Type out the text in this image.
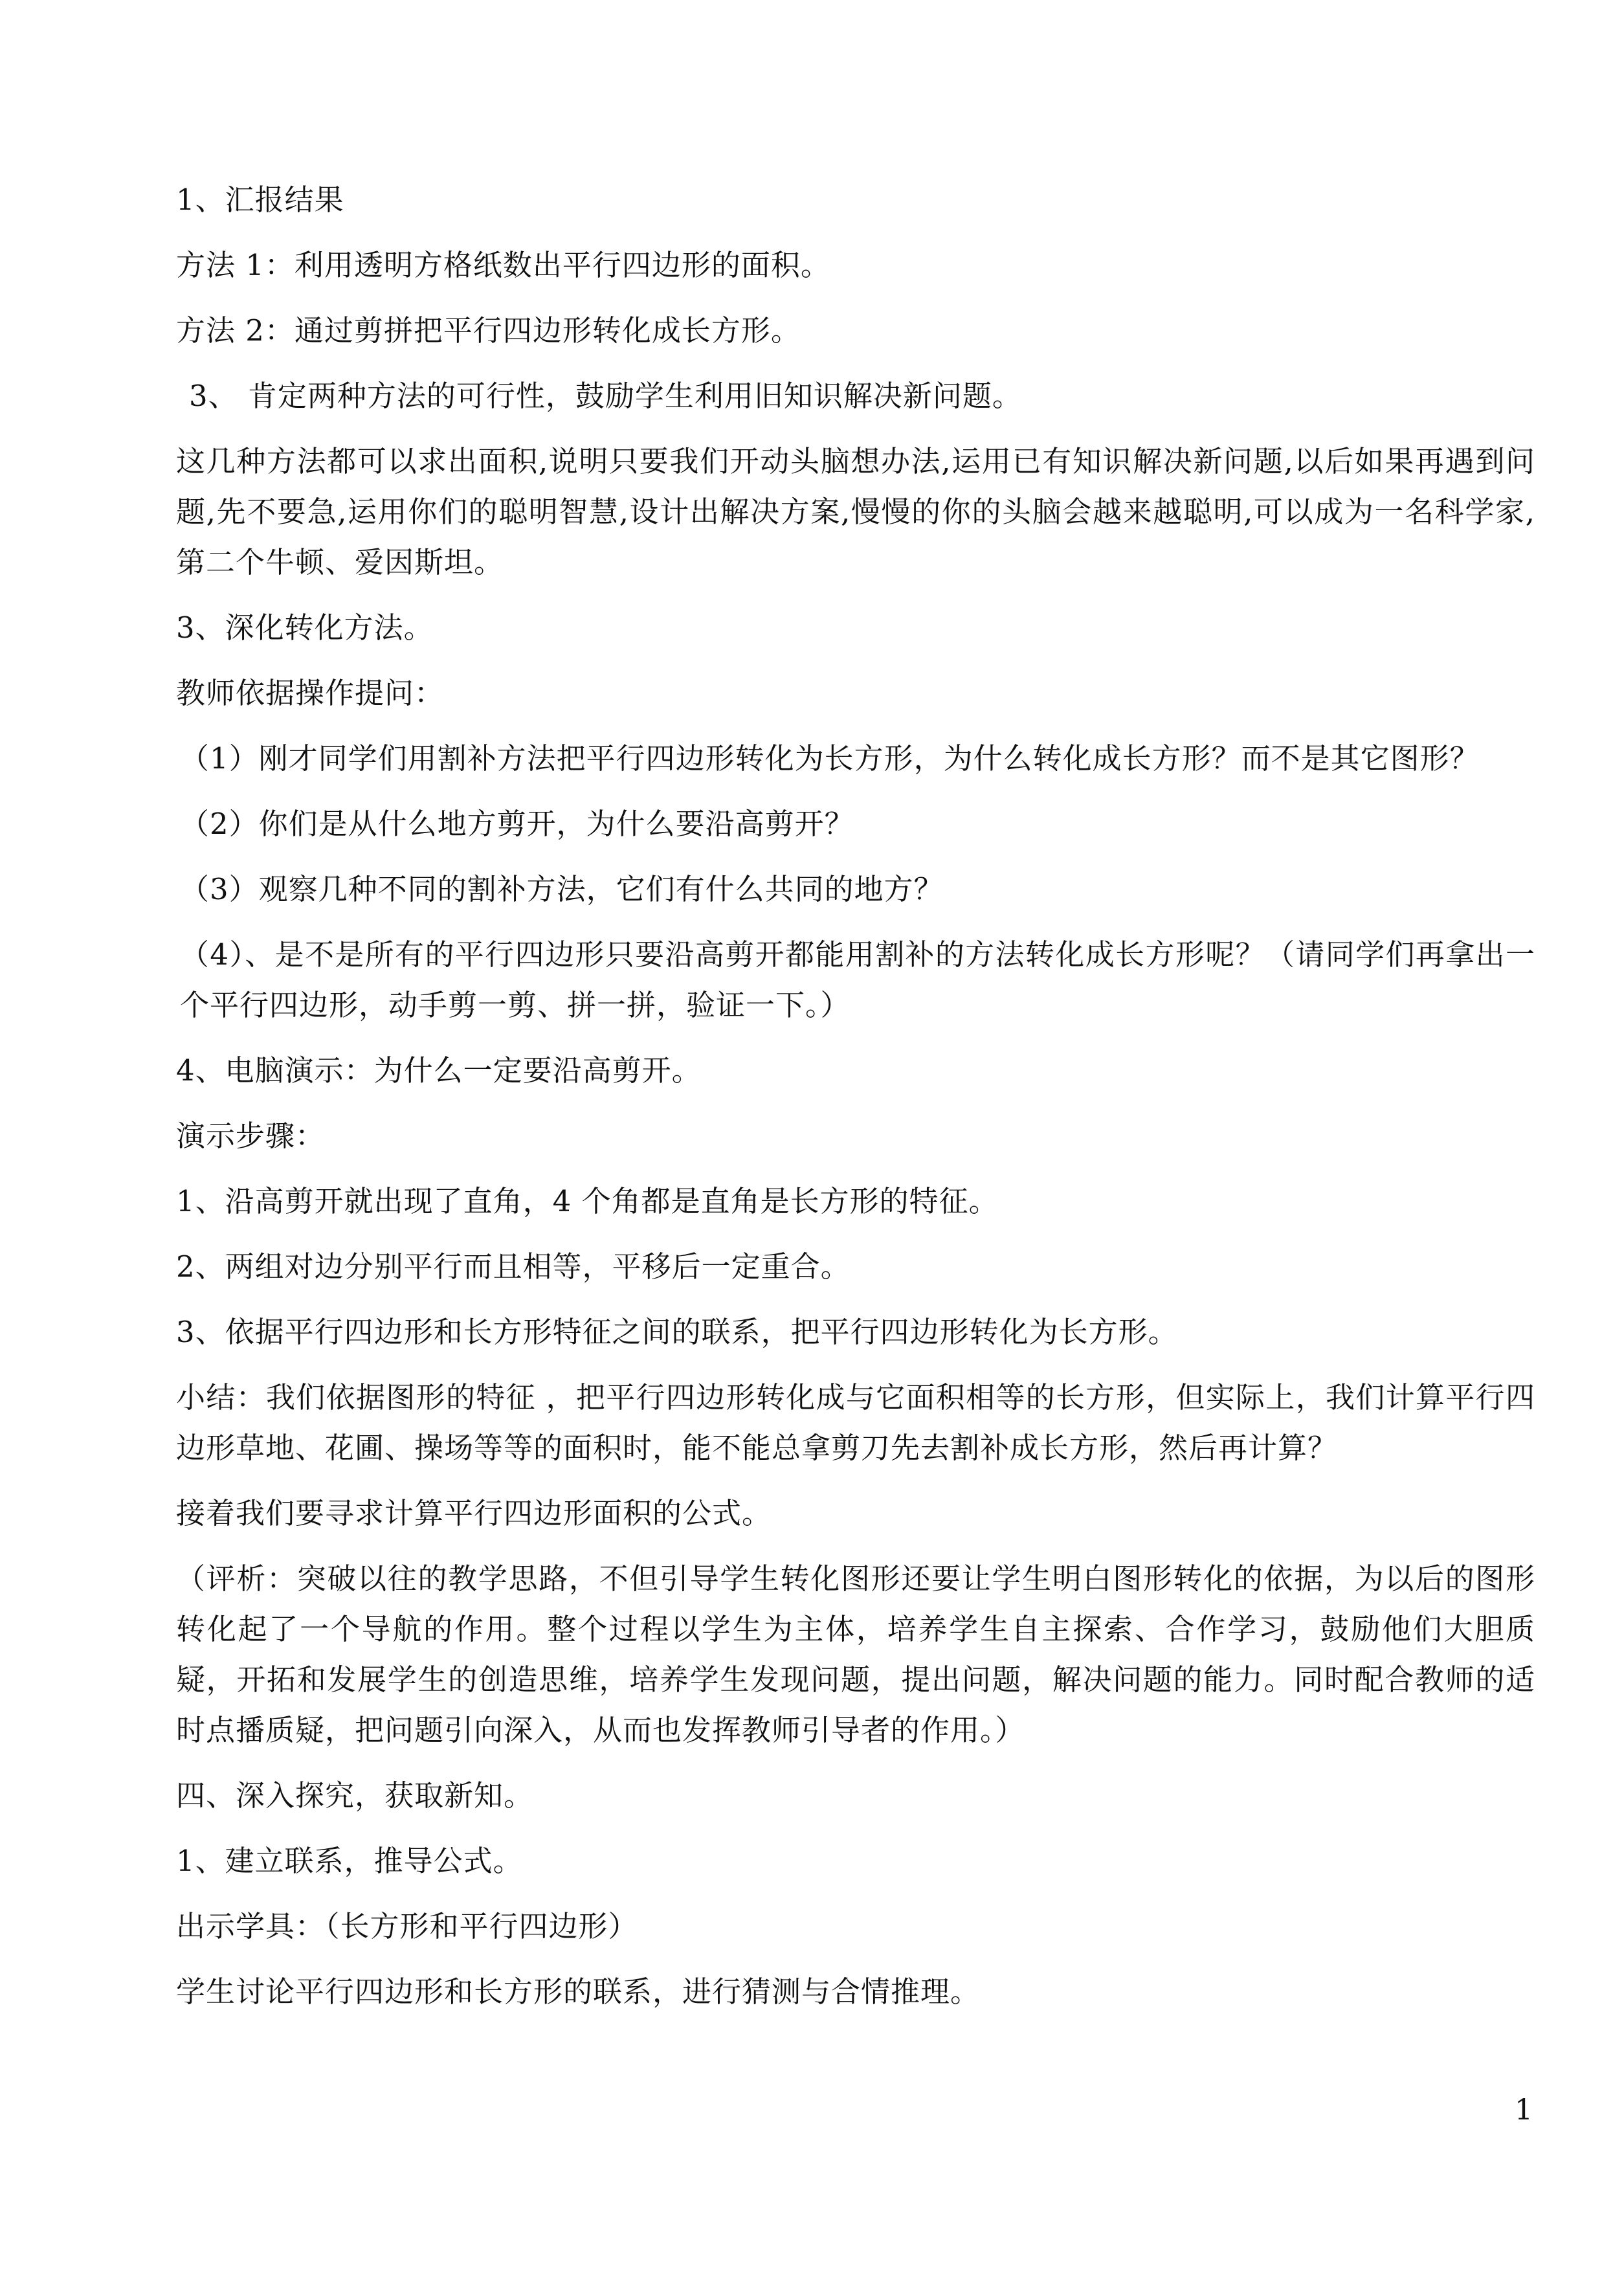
1、汇报结果

方法 1：利用透明方格纸数出平行四边形的面积。

方法 2：通过剪拼把平行四边形转化成长方形。

3、 肯定两种方法的可行性，鼓励学生利用旧知识解决新问题。

这几种方法都可以求出面积,说明只要我们开动头脑想办法,运用已有知识解决新问题,以后如果再遇到问题,先不要急,运用你们的聪明智慧,设计出解决方案,慢慢的你的头脑会越来越聪明,可以成为一名科学家,第二个牛顿、爱因斯坦。

3、深化转化方法。

教师依据操作提问：

（1）刚才同学们用割补方法把平行四边形转化为长方形，为什么转化成长方形？而不是其它图形？

（2）你们是从什么地方剪开，为什么要沿高剪开？

（3）观察几种不同的割补方法，它们有什么共同的地方？

（4）、是不是所有的平行四边形只要沿高剪开都能用割补的方法转化成长方形呢？（请同学们再拿出一个平行四边形，动手剪一剪、拼一拼，验证一下。）

4、电脑演示：为什么一定要沿高剪开。

演示步骤：

1、沿高剪开就出现了直角，4 个角都是直角是长方形的特征。

2、两组对边分别平行而且相等，平移后一定重合。

3、依据平行四边形和长方形特征之间的联系，把平行四边形转化为长方形。

小结：我们依据图形的特征 ，把平行四边形转化成与它面积相等的长方形，但实际上，我们计算平行四边形草地、花圃、操场等等的面积时，能不能总拿剪刀先去割补成长方形，然后再计算？

接着我们要寻求计算平行四边形面积的公式。

（评析：突破以往的教学思路，不但引导学生转化图形还要让学生明白图形转化的依据，为以后的图形转化起了一个导航的作用。整个过程以学生为主体，培养学生自主探索、合作学习，鼓励他们大胆质疑，开拓和发展学生的创造思维，培养学生发现问题，提出问题，解决问题的能力。同时配合教师的适时点播质疑，把问题引向深入，从而也发挥教师引导者的作用。）

四、深入探究，获取新知。

1、建立联系，推导公式。

出示学具：（长方形和平行四边形）

学生讨论平行四边形和长方形的联系，进行猜测与合情推理。

1
